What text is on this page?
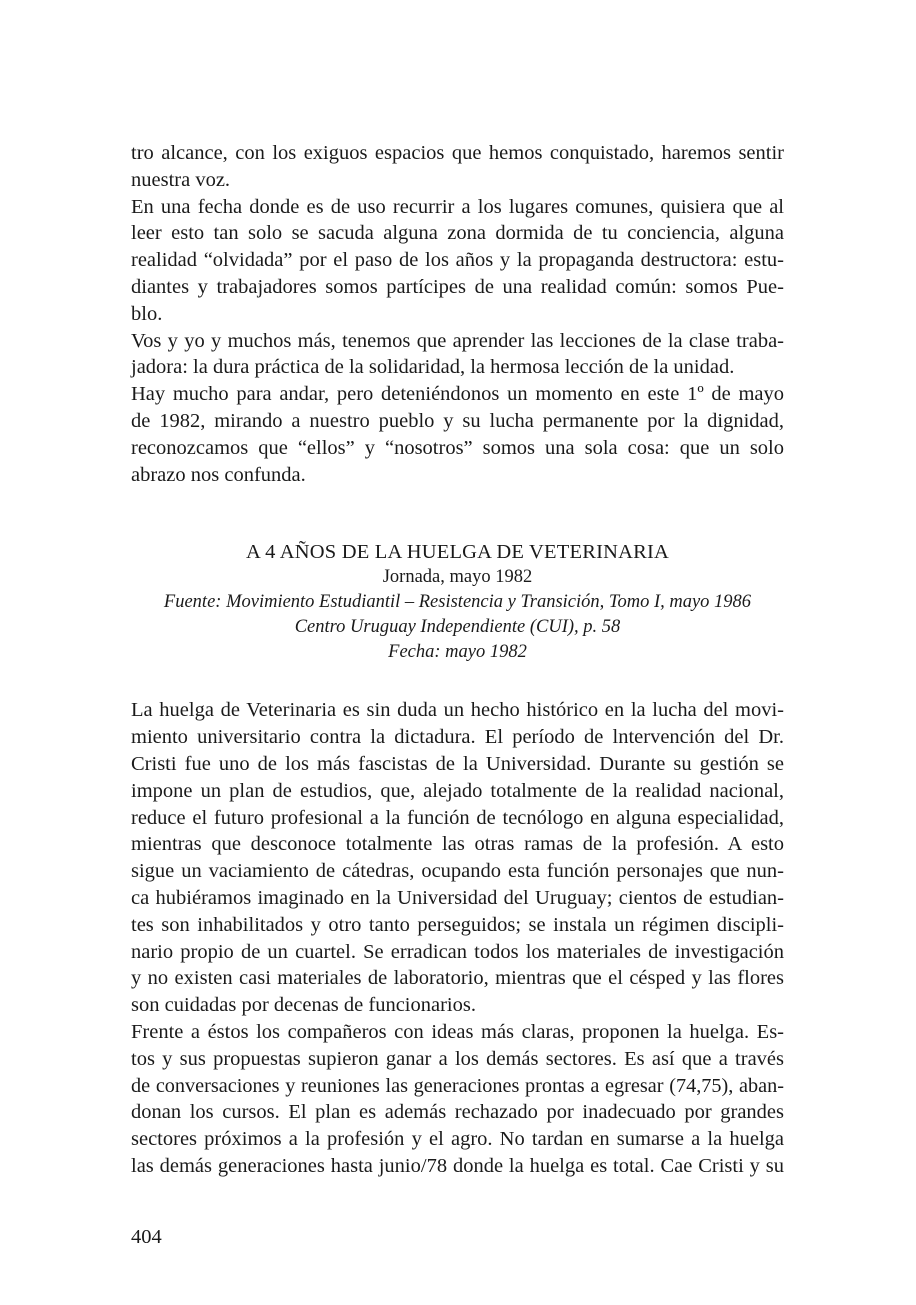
tro alcance, con los exiguos espacios que hemos conquistado, haremos sentir
nuestra voz.
En una fecha donde es de uso recurrir a los lugares comunes, quisiera que al
leer esto tan solo se sacuda alguna zona dormida de tu conciencia, alguna
realidad “olvidada” por el paso de los años y la propaganda destructora: estu-
diantes y trabajadores somos partícipes de una realidad común: somos Pue-
blo.
Vos y yo y muchos más, tenemos que aprender las lecciones de la clase traba-
jadora: la dura práctica de la solidaridad, la hermosa lección de la unidad.
Hay mucho para andar, pero deteniéndonos un momento en este 1º de mayo
de 1982, mirando a nuestro pueblo y su lucha permanente por la dignidad,
reconozcamos que “ellos” y “nosotros” somos una sola cosa: que un solo
abrazo nos confunda.
A 4 AÑOS DE LA HUELGA DE VETERINARIA
Jornada, mayo 1982
Fuente: Movimiento Estudiantil – Resistencia y Transición, Tomo I, mayo 1986
Centro Uruguay Independiente (CUI), p. 58
Fecha: mayo 1982
La huelga de Veterinaria es sin duda un hecho histórico en la lucha del movi-
miento universitario contra la dictadura. El período de lntervención del Dr.
Cristi fue uno de los más fascistas de la Universidad. Durante su gestión se
impone un plan de estudios, que, alejado totalmente de la realidad nacional,
reduce el futuro profesional a la función de tecnólogo en alguna especialidad,
mientras que desconoce totalmente las otras ramas de la profesión. A esto
sigue un vaciamiento de cátedras, ocupando esta función personajes que nun-
ca hubiéramos imaginado en la Universidad del Uruguay; cientos de estudian-
tes son inhabilitados y otro tanto perseguidos; se instala un régimen discipli-
nario propio de un cuartel. Se erradican todos los materiales de investigación
y no existen casi materiales de laboratorio, mientras que el césped y las flores
son cuidadas por decenas de funcionarios.
Frente a éstos los compañeros con ideas más claras, proponen la huelga. Es-
tos y sus propuestas supieron ganar a los demás sectores. Es así que a través
de conversaciones y reuniones las generaciones prontas a egresar (74,75), aban-
donan los cursos. El plan es además rechazado por inadecuado por grandes
sectores próximos a la profesión y el agro. No tardan en sumarse a la huelga
las demás generaciones hasta junio/78 donde la huelga es total. Cae Cristi y su
404
